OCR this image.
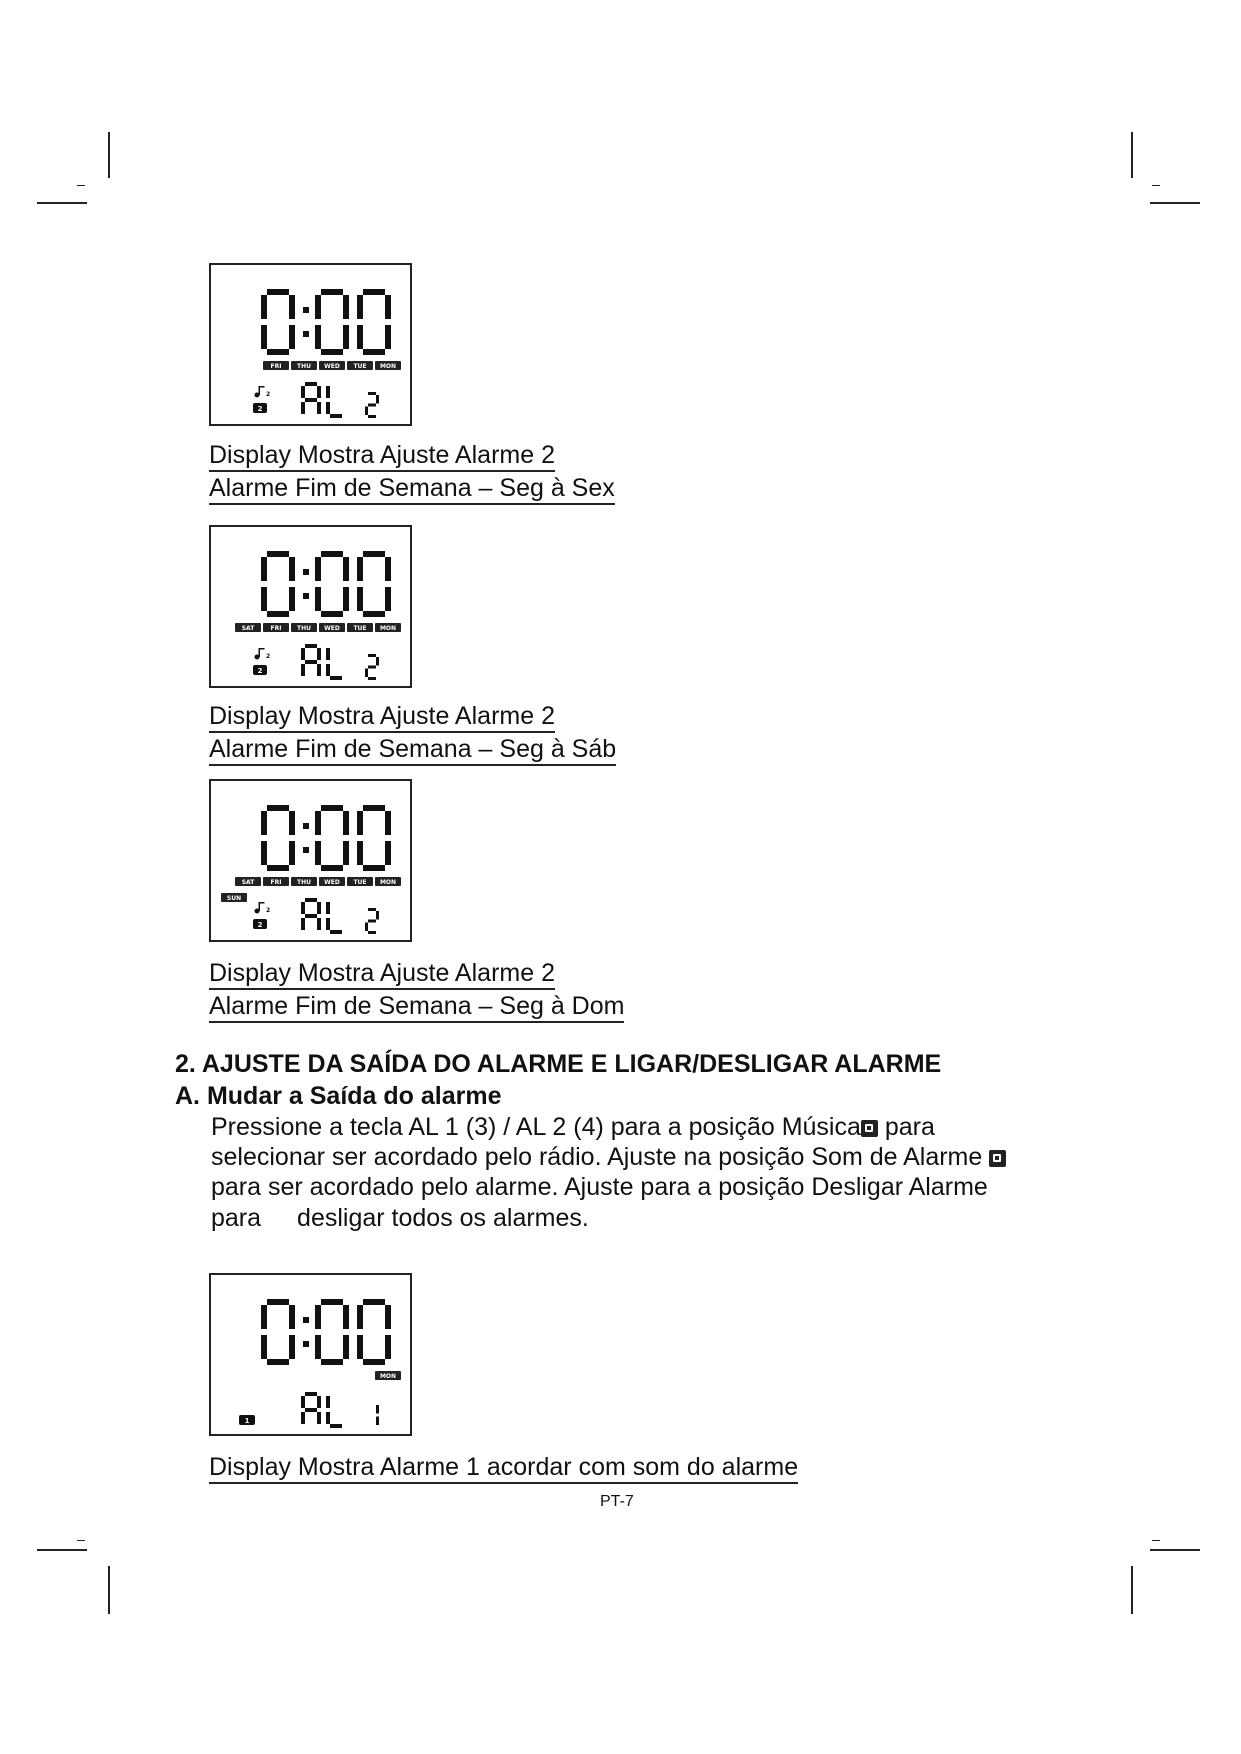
FRI	THU WED TUE MON
2
2
Display Mostra Ajuste Alarme 2
Alarme Fim de Semana – Seg à Sex
SAT	FRI	THU WED TUE MON
2
2
Display Mostra Ajuste Alarme 2
Alarme Fim de Semana – Seg à Sáb
SAT	FRI	THU WED TUE MON
SUN
2
2
Display Mostra Ajuste Alarme 2
Alarme Fim de Semana – Seg à Dom
2. AJUSTE DA SAÍDA DO ALARME E LIGAR/DESLIGAR ALARME
A. Mudar a Saída do alarme
Pressione a tecla AL 1 (3) / AL 2 (4) para a posição Música para
selecionar ser acordado pelo rádio. Ajuste na posição Som de Alarme
para ser acordado pelo alarme. Ajuste para a posição Desligar Alarme
para desligar todos os alarmes.
MON
1
Display Mostra Alarme 1 acordar com som do alarme
PT-7
